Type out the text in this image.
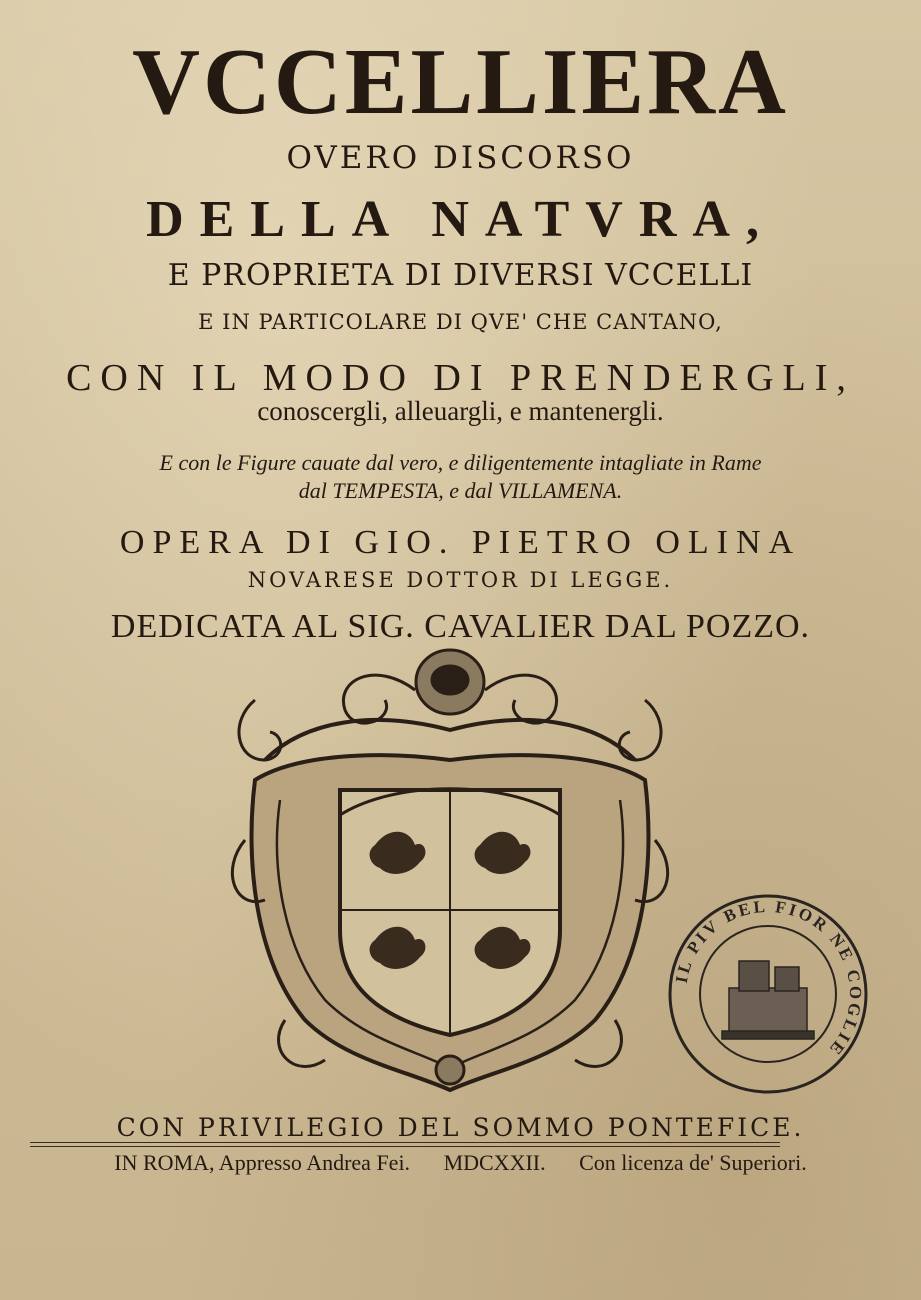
VCCELLIERA
OVERO DISCORSO
DELLA NATVRA,
E PROPRIETA DI DIVERSI VCCELLI
E IN PARTICOLARE DI QVE' CHE CANTANO,
CON IL MODO DI PRENDERGLI,
conoscergli, alleuargli, e mantenergli.
E con le Figure cauate dal vero, e diligentemente intagliate in Rame
dal TEMPESTA, e dal VILLAMENA.
OPERA DI GIO. PIETRO OLINA
NOVARESE DOTTOR DI LEGGE.
DEDICATA AL SIG. CAVALIER DAL POZZO.
IL PIV BEL FIOR NE COGLIE
CON PRIVILEGIO DEL SOMMO PONTEFICE.
IN ROMA, Appresso Andrea Fei. MDCXXII. Con licenza de' Superiori.
